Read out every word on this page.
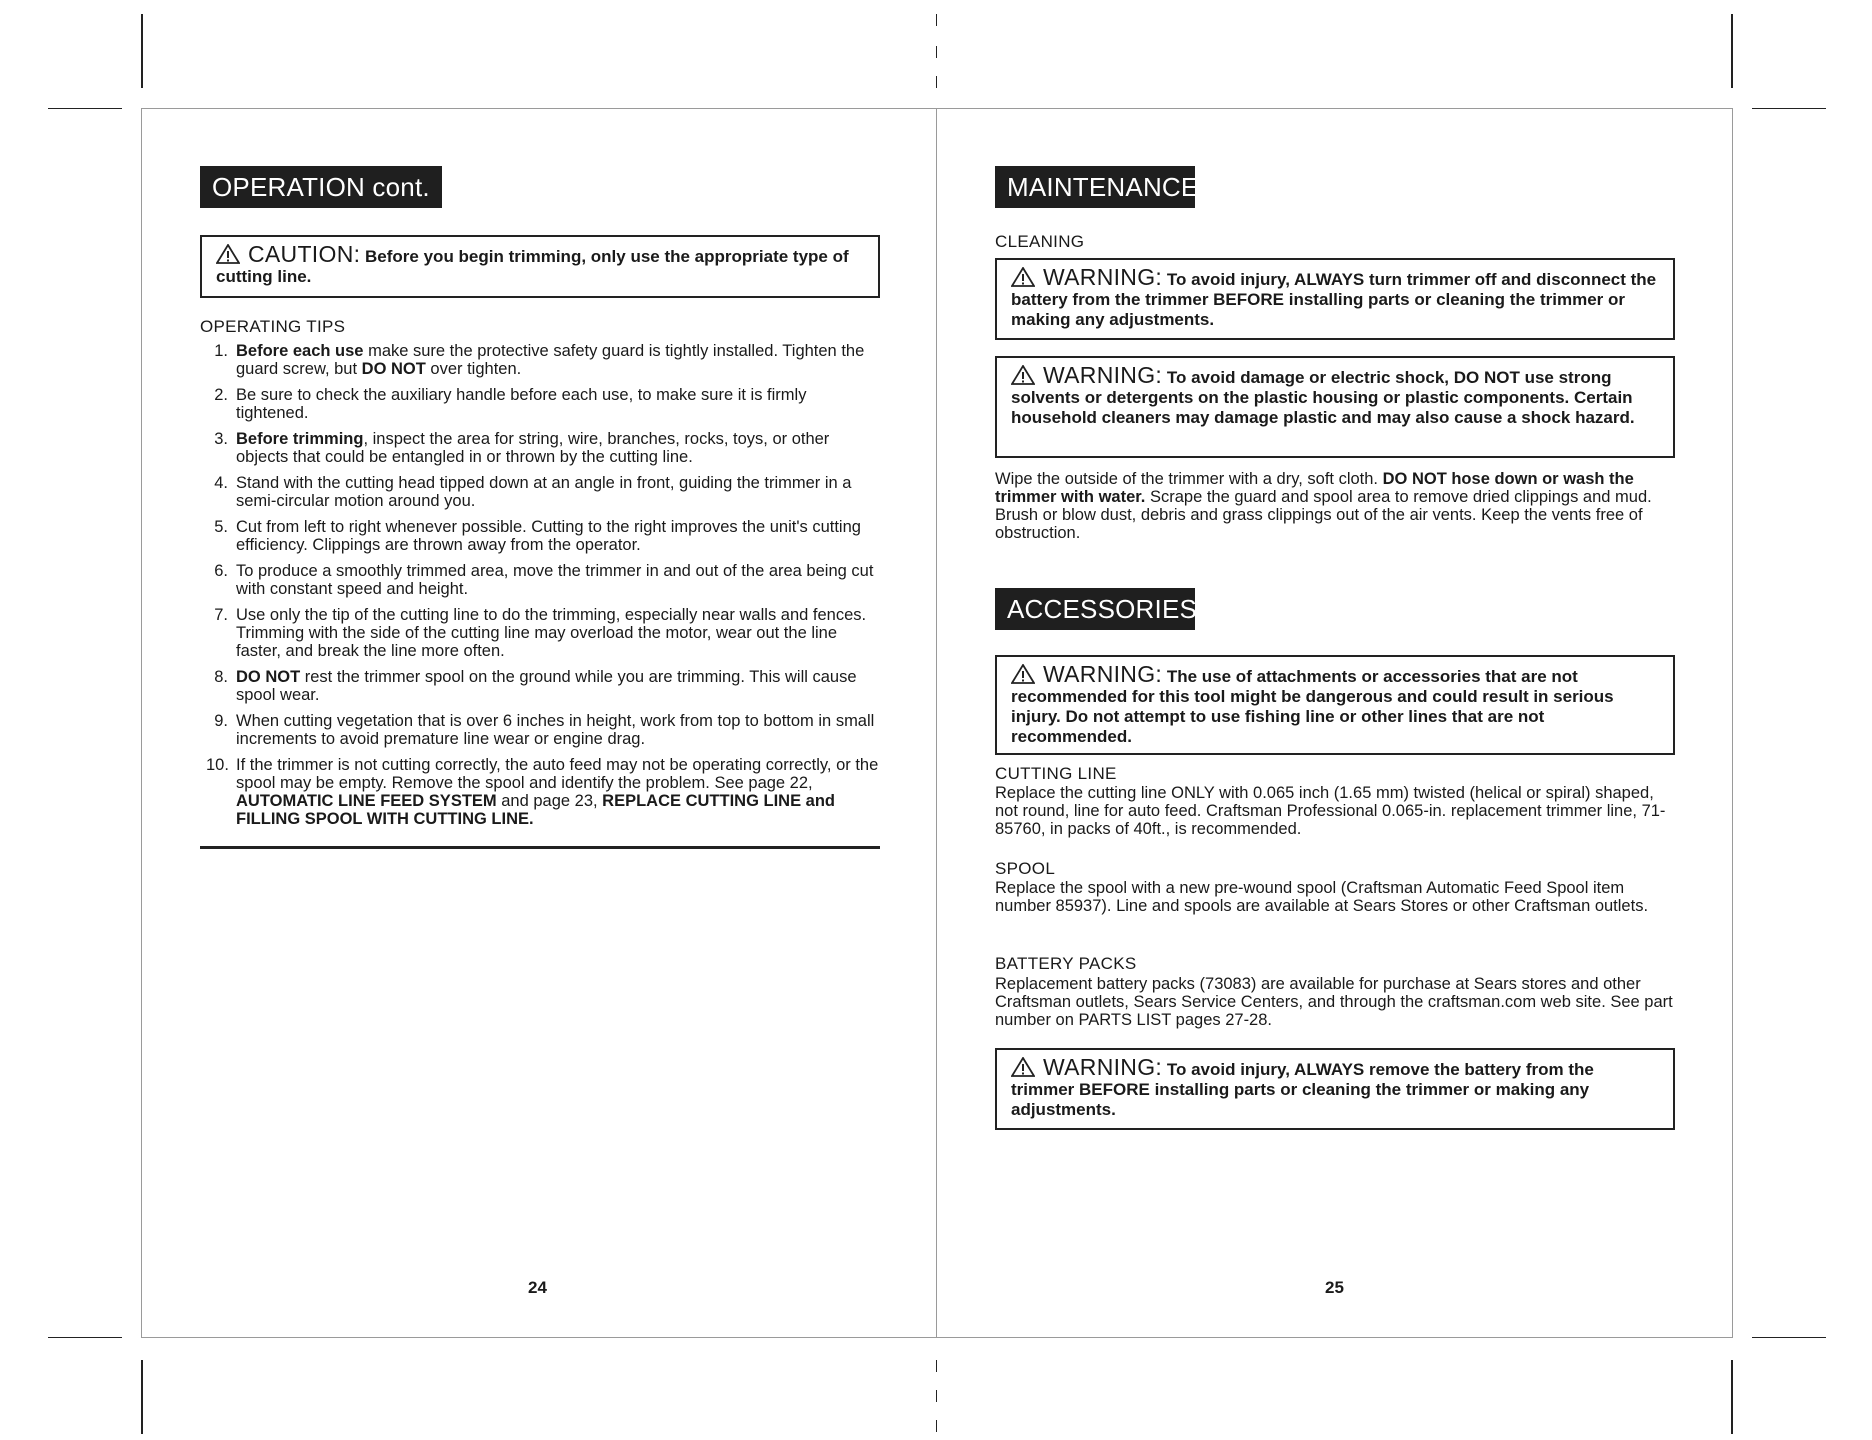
OPERATION cont.
CAUTION: Before you begin trimming, only use the appropriate type of cutting line.
OPERATING TIPS
1. Before each use make sure the protective safety guard is tightly installed. Tighten the guard screw, but DO NOT over tighten.
2. Be sure to check the auxiliary handle before each use, to make sure it is firmly tightened.
3. Before trimming, inspect the area for string, wire, branches, rocks, toys, or other objects that could be entangled in or thrown by the cutting line.
4. Stand with the cutting head tipped down at an angle in front, guiding the trimmer in a semi-circular motion around you.
5. Cut from left to right whenever possible. Cutting to the right improves the unit's cutting efficiency. Clippings are thrown away from the operator.
6. To produce a smoothly trimmed area, move the trimmer in and out of the area being cut with constant speed and height.
7. Use only the tip of the cutting line to do the trimming, especially near walls and fences. Trimming with the side of the cutting line may overload the motor, wear out the line faster, and break the line more often.
8. DO NOT rest the trimmer spool on the ground while you are trimming. This will cause spool wear.
9. When cutting vegetation that is over 6 inches in height, work from top to bottom in small increments to avoid premature line wear or engine drag.
10. If the trimmer is not cutting correctly, the auto feed may not be operating correctly, or the spool may be empty. Remove the spool and identify the problem. See page 22, AUTOMATIC LINE FEED SYSTEM and page 23, REPLACE CUTTING LINE and FILLING SPOOL WITH CUTTING LINE.
24
MAINTENANCE
CLEANING
WARNING: To avoid injury, ALWAYS turn trimmer off and disconnect the battery from the trimmer BEFORE installing parts or cleaning the trimmer or making any adjustments.
WARNING: To avoid damage or electric shock, DO NOT use strong solvents or detergents on the plastic housing or plastic components. Certain household cleaners may damage plastic and may also cause a shock hazard.
Wipe the outside of the trimmer with a dry, soft cloth. DO NOT hose down or wash the trimmer with water. Scrape the guard and spool area to remove dried clippings and mud. Brush or blow dust, debris and grass clippings out of the air vents. Keep the vents free of obstruction.
ACCESSORIES
WARNING: The use of attachments or accessories that are not recommended for this tool might be dangerous and could result in serious injury. Do not attempt to use fishing line or other lines that are not recommended.
CUTTING LINE
Replace the cutting line ONLY with 0.065 inch (1.65 mm) twisted (helical or spiral) shaped, not round, line for auto feed. Craftsman Professional 0.065-in. replacement trimmer line, 71-85760, in packs of 40ft., is recommended.
SPOOL
Replace the spool with a new pre-wound spool (Craftsman Automatic Feed Spool item number 85937). Line and spools are available at Sears Stores or other Craftsman outlets.
BATTERY PACKS
Replacement battery packs (73083) are available for purchase at Sears stores and other Craftsman outlets, Sears Service Centers, and through the craftsman.com web site. See part number on PARTS LIST pages 27-28.
WARNING: To avoid injury, ALWAYS remove the battery from the trimmer BEFORE installing parts or cleaning the trimmer or making any adjustments.
25
